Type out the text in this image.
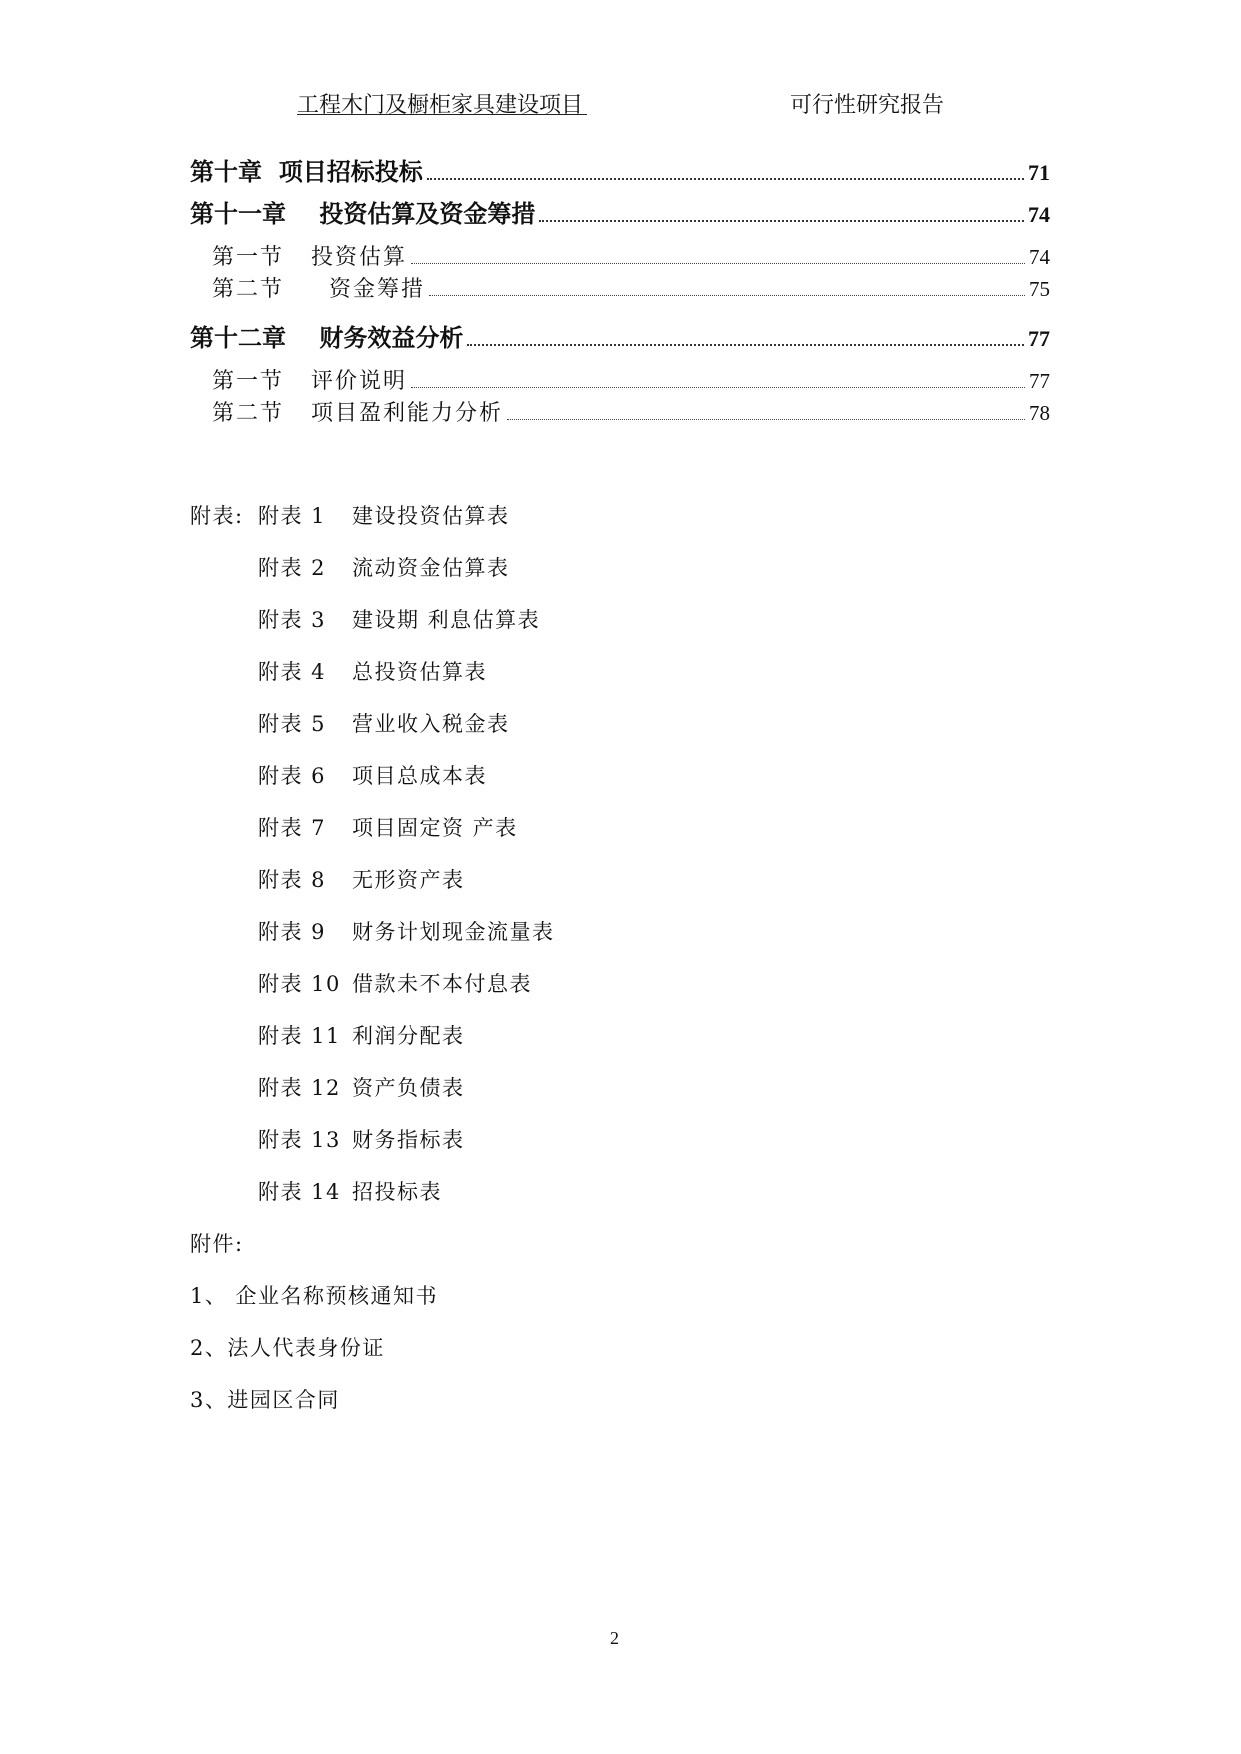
工程木门及橱柜家具建设项目	可行性研究报告
第十章  项目招标投标	71
第十一章    投资估算及资金筹措	74
第一节   投资估算	74
第二节     资金筹措	75
第十二章    财务效益分析	77
第一节   评价说明	77
第二节   项目盈利能力分析	78
附表: 附表 1 建设投资估算表
附表 2 流动资金估算表
附表 3 建设期 利息估算表
附表 4 总投资估算表
附表 5 营业收入税金表
附表 6 项目总成本表
附表 7 项目固定资 产表
附表 8 无形资产表
附表 9 财务计划现金流量表
附表 10 借款未不本付息表
附表 11 利润分配表
附表 12 资产负债表
附表 13 财务指标表
附表 14 招投标表
附件:
1、 企业名称预核通知书
2、法人代表身份证
3、进园区合同
2
